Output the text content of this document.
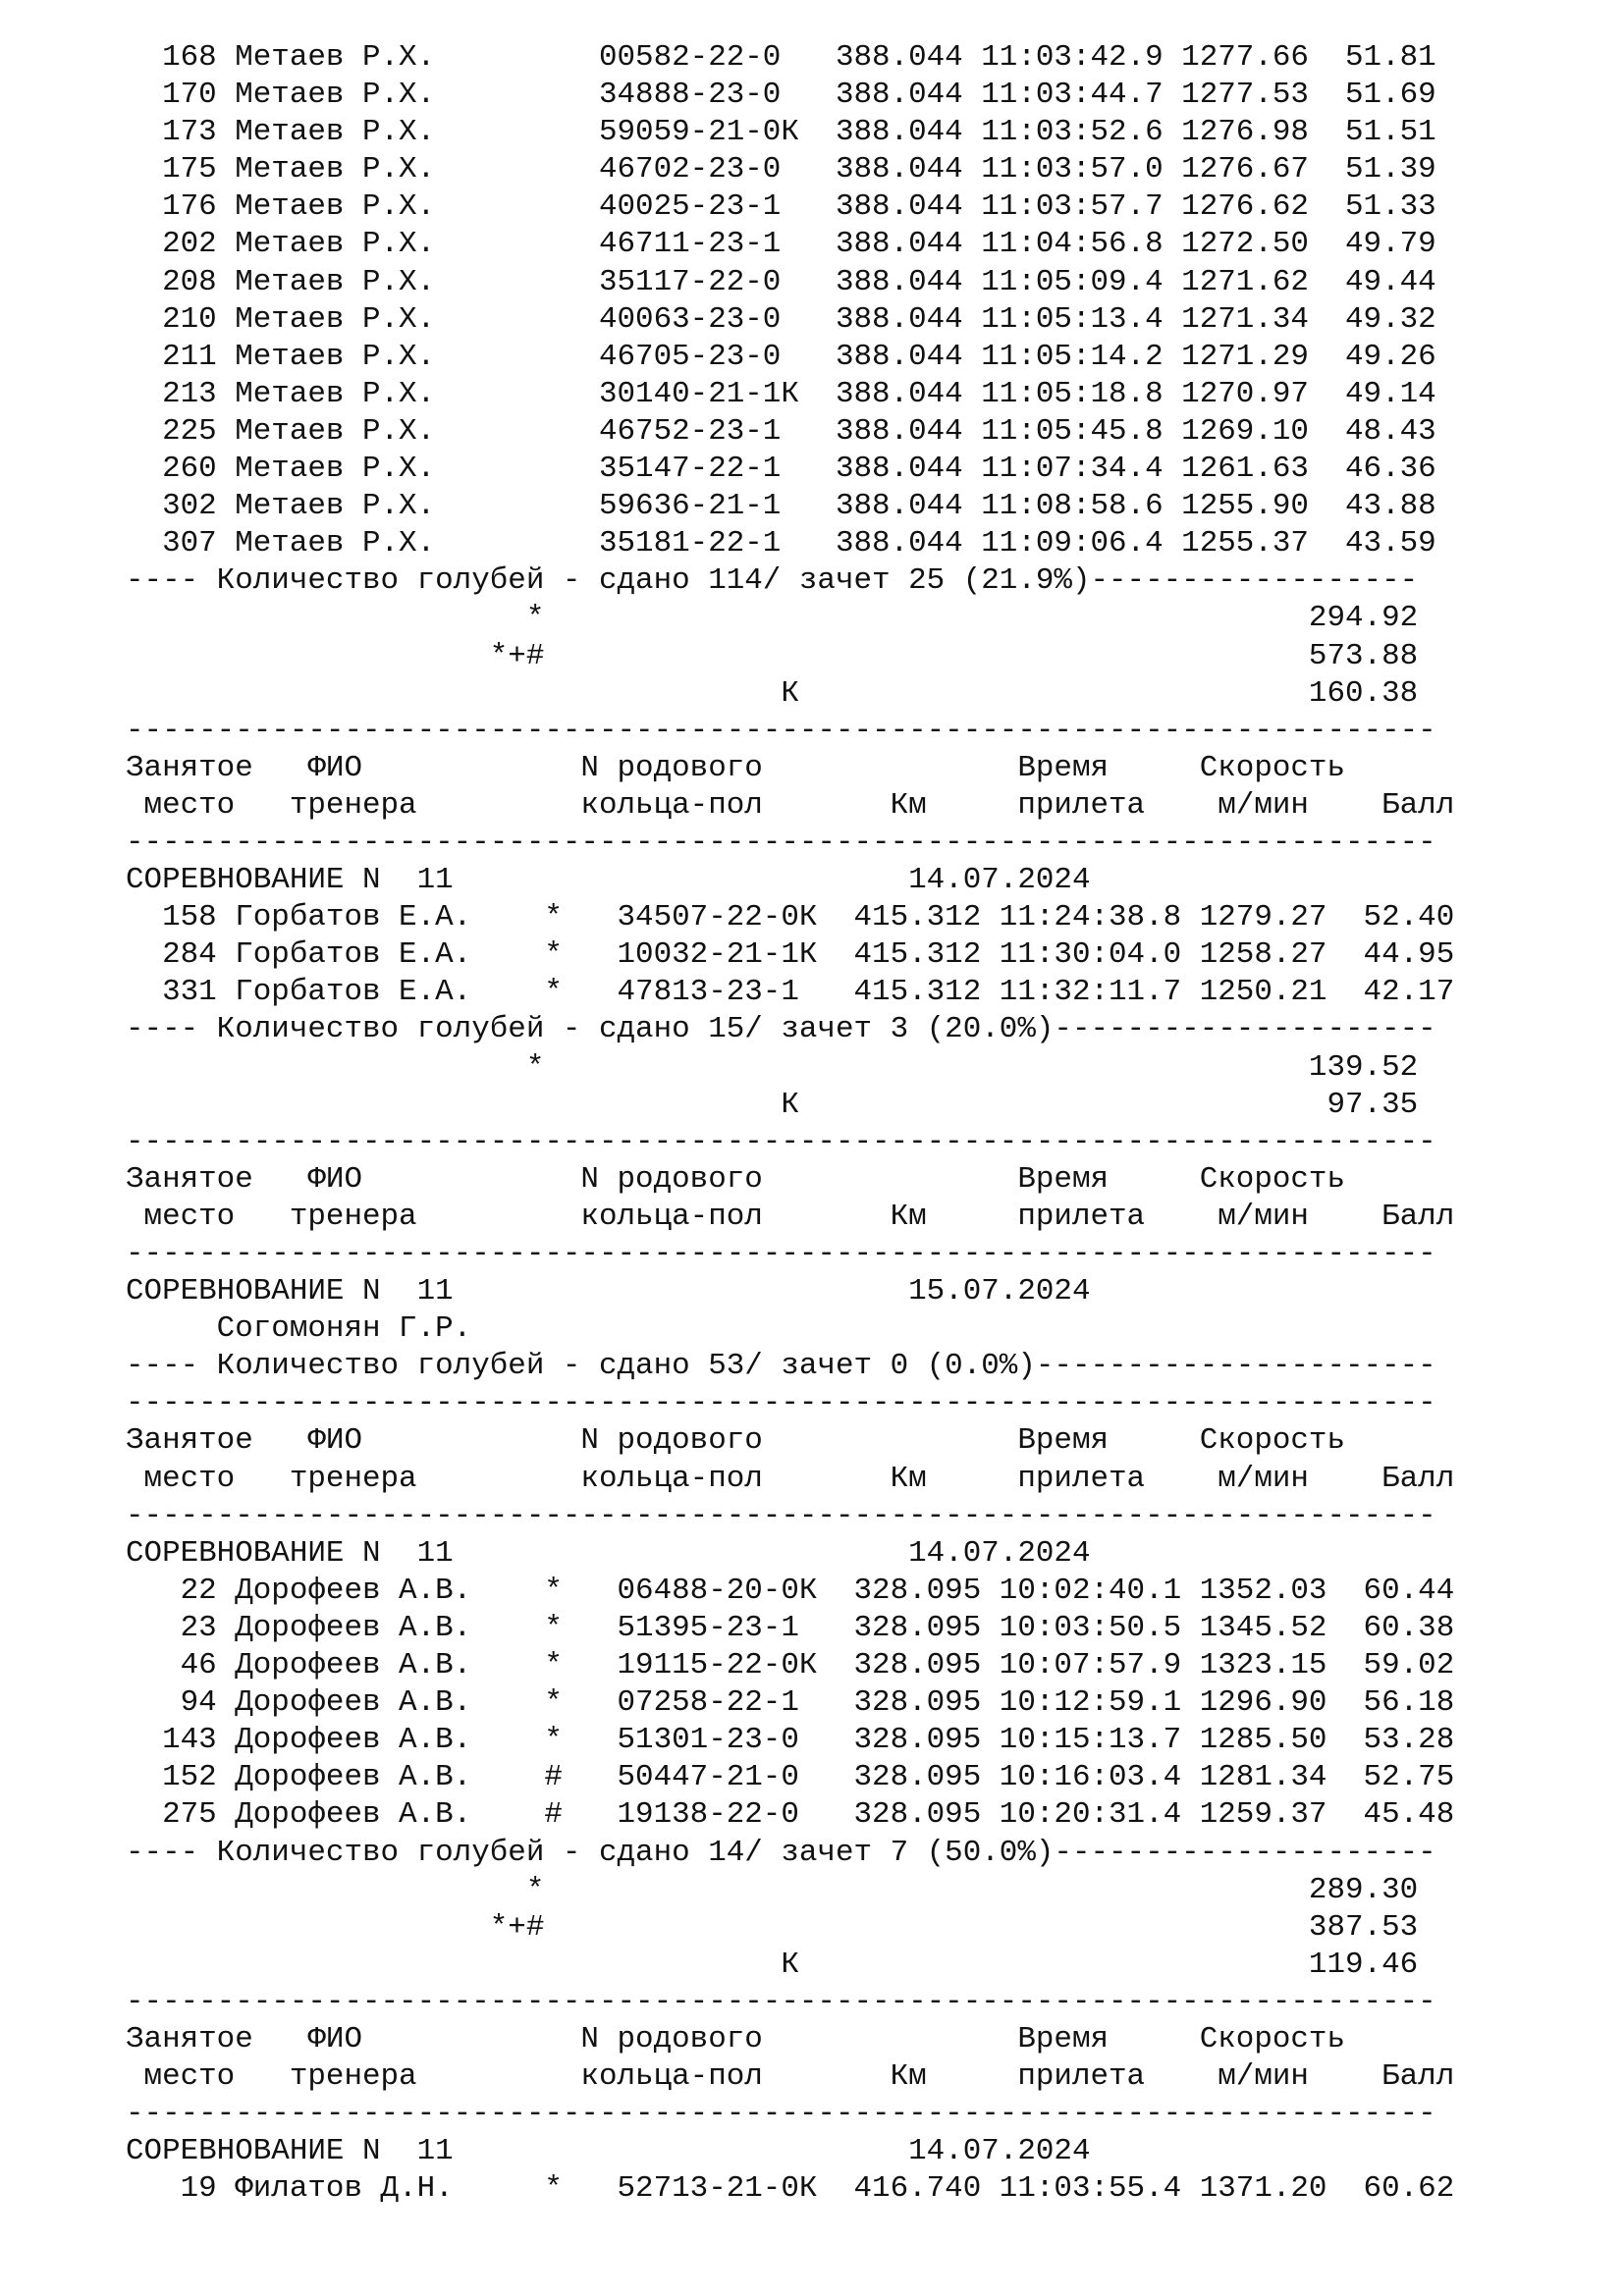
168 Метаев Р.Х.         00582-22-0   388.044 11:03:42.9 1277.66  51.81
170 Метаев Р.Х.         34888-23-0   388.044 11:03:44.7 1277.53  51.69
173 Метаев Р.Х.         59059-21-0К  388.044 11:03:52.6 1276.98  51.51
175 Метаев Р.Х.         46702-23-0   388.044 11:03:57.0 1276.67  51.39
176 Метаев Р.Х.         40025-23-1   388.044 11:03:57.7 1276.62  51.33
202 Метаев Р.Х.         46711-23-1   388.044 11:04:56.8 1272.50  49.79
208 Метаев Р.Х.         35117-22-0   388.044 11:05:09.4 1271.62  49.44
210 Метаев Р.Х.         40063-23-0   388.044 11:05:13.4 1271.34  49.32
211 Метаев Р.Х.         46705-23-0   388.044 11:05:14.2 1271.29  49.26
213 Метаев Р.Х.         30140-21-1К  388.044 11:05:18.8 1270.97  49.14
225 Метаев Р.Х.         46752-23-1   388.044 11:05:45.8 1269.10  48.43
260 Метаев Р.Х.         35147-22-1   388.044 11:07:34.4 1261.63  46.36
302 Метаев Р.Х.         59636-21-1   388.044 11:08:58.6 1255.90  43.88
307 Метаев Р.Х.         35181-22-1   388.044 11:09:06.4 1255.37  43.59
---- Количество голубей - сдано 114/ зачет 25 (21.9%)------------------
*                                          294.92
*+#                                          573.88
К                            160.38
------------------------------------------------------------------------
Занятое   ФИО            N родового              Время     Скорость
место   тренера         кольца-пол       Км     прилета    м/мин    Балл
------------------------------------------------------------------------
СОРЕВНОВАНИЕ N  11                         14.07.2024
158 Горбатов Е.А.    *   34507-22-0К  415.312 11:24:38.8 1279.27  52.40
284 Горбатов Е.А.    *   10032-21-1К  415.312 11:30:04.0 1258.27  44.95
331 Горбатов Е.А.    *   47813-23-1   415.312 11:32:11.7 1250.21  42.17
---- Количество голубей - сдано 15/ зачет 3 (20.0%)---------------------
*                                          139.52
К                             97.35
------------------------------------------------------------------------
Занятое   ФИО            N родового              Время     Скорость
место   тренера         кольца-пол       Км     прилета    м/мин    Балл
------------------------------------------------------------------------
СОРЕВНОВАНИЕ N  11                         15.07.2024
Согомонян Г.Р.
---- Количество голубей - сдано 53/ зачет 0 (0.0%)----------------------
------------------------------------------------------------------------
Занятое   ФИО            N родового              Время     Скорость
место   тренера         кольца-пол       Км     прилета    м/мин    Балл
------------------------------------------------------------------------
СОРЕВНОВАНИЕ N  11                         14.07.2024
22 Дорофеев А.В.    *   06488-20-0К  328.095 10:02:40.1 1352.03  60.44
23 Дорофеев А.В.    *   51395-23-1   328.095 10:03:50.5 1345.52  60.38
46 Дорофеев А.В.    *   19115-22-0К  328.095 10:07:57.9 1323.15  59.02
94 Дорофеев А.В.    *   07258-22-1   328.095 10:12:59.1 1296.90  56.18
143 Дорофеев А.В.    *   51301-23-0   328.095 10:15:13.7 1285.50  53.28
152 Дорофеев А.В.    #   50447-21-0   328.095 10:16:03.4 1281.34  52.75
275 Дорофеев А.В.    #   19138-22-0   328.095 10:20:31.4 1259.37  45.48
---- Количество голубей - сдано 14/ зачет 7 (50.0%)---------------------
*                                          289.30
*+#                                          387.53
К                            119.46
------------------------------------------------------------------------
Занятое   ФИО            N родового              Время     Скорость
место   тренера         кольца-пол       Км     прилета    м/мин    Балл
------------------------------------------------------------------------
СОРЕВНОВАНИЕ N  11                         14.07.2024
19 Филатов Д.Н.     *   52713-21-0К  416.740 11:03:55.4 1371.20  60.62
